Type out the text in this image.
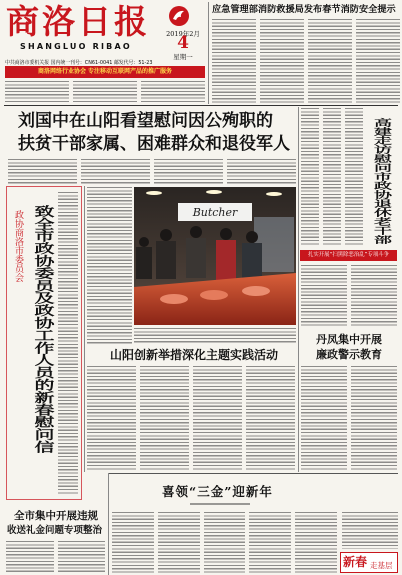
商洛日报
SHANGLUO RIBAO
2019年2月
4
星期一
中共商洛市委机关报 国内统一刊号：CN61-0041 邮发代号：51-23
商洛网络行业协会 专注移动互联网产品的推广服务
应急管理部消防救援局发布春节消防安全提示
刘国中在山阳看望慰问因公殉职的
扶贫干部家属、困难群众和退役军人	高建走访慰问市政协退休老干部
政协商洛市委员会 致全市政协委员及政协工作人员的新春慰问信	Butcher
山阳创新举措深化主题实践活动
扎实开展“扫黑除恶治乱”专项斗争
丹凤集中开展
廉政警示教育
全市集中开展违规
收送礼金问题专项整治
喜领“三金”迎新年
新春 走基层
